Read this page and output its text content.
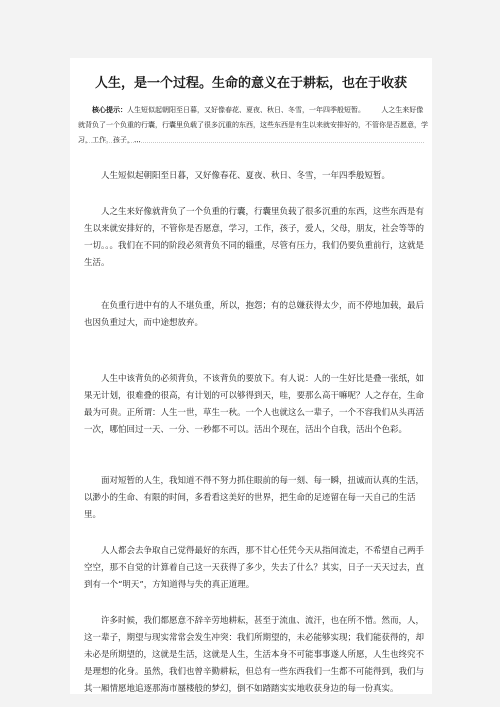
人生，是一个过程。生命的意义在于耕耘，也在于收获
核心提示：人生短似起朝阳至日暮，又好像春花、夏夜、秋日、冬雪，一年四季般短暂。 人之生来好像就背负了一个负重的行囊，行囊里负载了很多沉重的东西，这些东西是有生以来就安排好的，不管你是否愿意，学习，工作，孩子，...

人生短似起朝阳至日暮，又好像春花、夏夜、秋日、冬雪，一年四季般短暂。

人之生来好像就背负了一个负重的行囊，行囊里负载了很多沉重的东西，这些东西是有生以来就安排好的，不管你是否愿意，学习，工作，孩子，爱人，父母，朋友，社会等等的一切。。。我们在不同的阶段必须背负不同的辎重，尽管有压力，我们仍要负重前行，这就是生活。

在负重行进中有的人不堪负重，所以，抱怨；有的总嫌获得太少，而不停地加载，最后也因负重过大，而中途想放弃。

人生中该背负的必须背负，不该背负的要放下。有人说：人的一生好比是叠一张纸，如果无计划，很难叠的很高，有计划的可以够得到天，哇，要那么高干嘛呢？人之存在，生命最为可贵。正所谓：人生一世，草生一秋。一个人也就这么一辈子，一个不容我们从头再活一次，哪怕回过一天、一分、一秒都不可以。活出个现在，活出个自我，活出个色彩。

面对短暂的人生，我知道不得不努力抓住眼前的每一刻、每一瞬，扭诚而认真的生活，以渺小的生命、有限的时间，多看看这美好的世界，把生命的足迹留在每一天自己的生活里。

人人都会去争取自己觉得最好的东西，那不甘心任凭今天从指间流走，不希望自己两手空空，那不自觉的计算着自己这一天获得了多少，失去了什么？其实，日子一天天过去，直到有一个“明天”，方知道得与失的真正道理。

许多时候，我们都愿意不辞辛劳地耕耘，甚至于流血、流汗，也在所不惜。然而，人，这一辈子，期望与现实常常会发生冲突：我们所期望的，未必能够实现；我们能获得的，却未必是所期望的，这就是生活，这就是人生，生活本身不可能事事遂人所愿，人生也终究不是理想的化身。虽然，我们也曾辛勤耕耘，但总有一些东西我们一生都不可能得到，我们与其一厢情愿地追逐那海市蜃楼般的梦幻，倒不如踏踏实实地收获身边的每一份真实。
